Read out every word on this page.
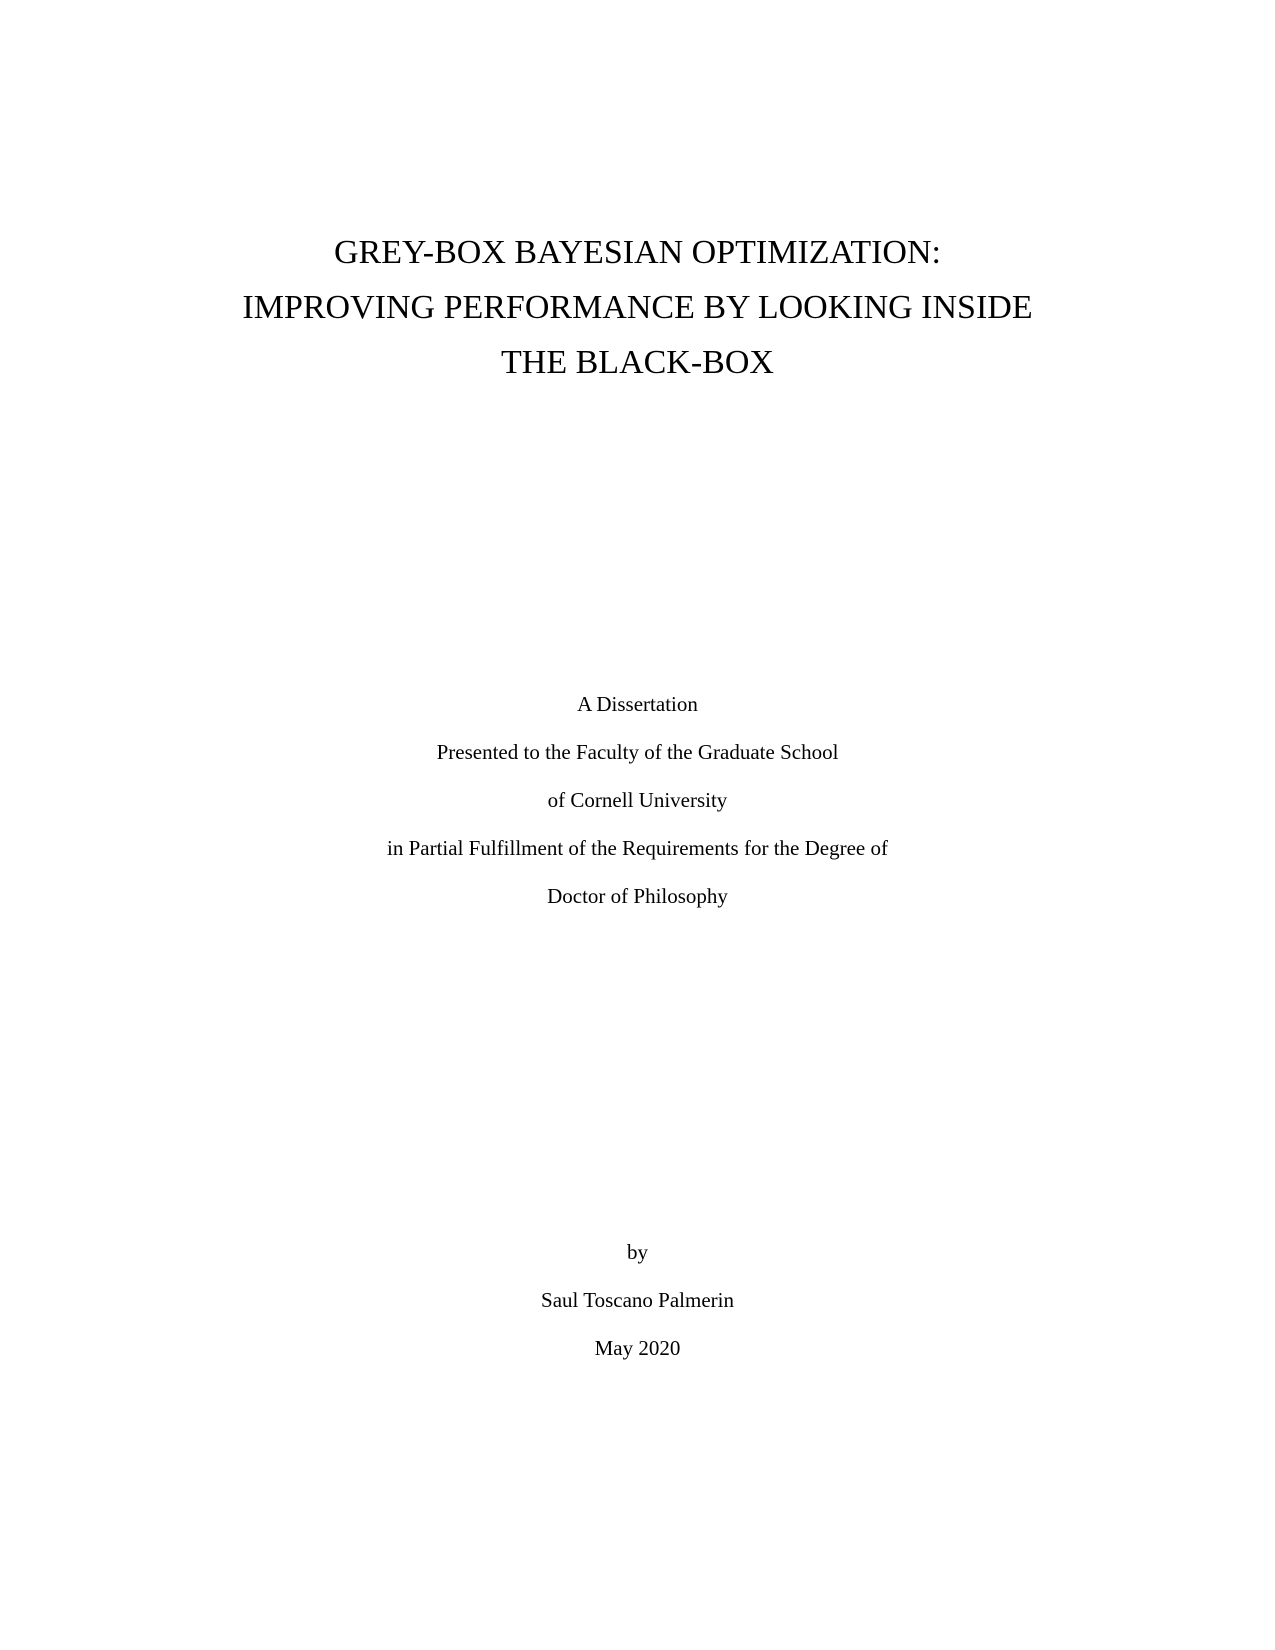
GREY-BOX BAYESIAN OPTIMIZATION:
IMPROVING PERFORMANCE BY LOOKING INSIDE
THE BLACK-BOX
A Dissertation
Presented to the Faculty of the Graduate School
of Cornell University
in Partial Fulfillment of the Requirements for the Degree of
Doctor of Philosophy
by
Saul Toscano Palmerin
May 2020
